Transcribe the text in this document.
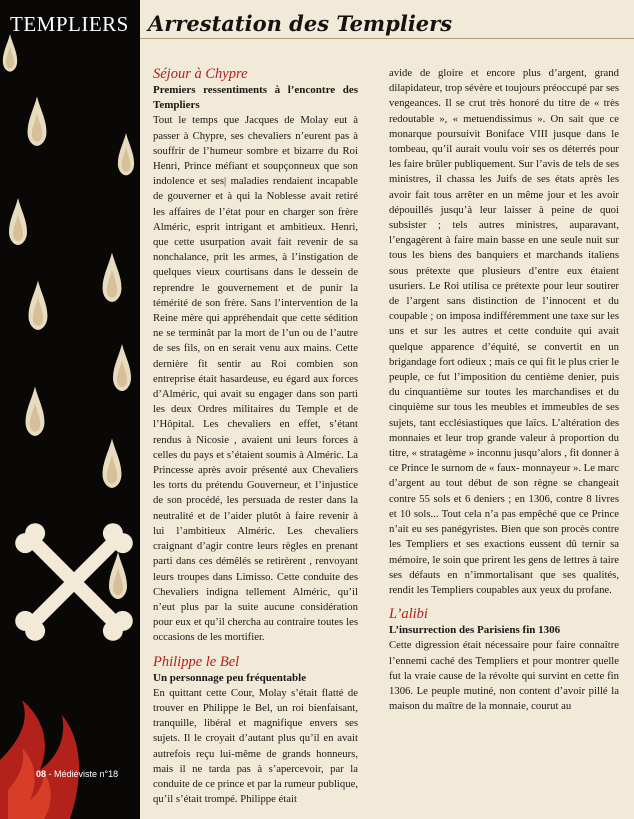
TEMPLIERS Arrestation des Templiers

Séjour à Chypre

Premiers ressentiments à l’encontre des Templiers

Tout le temps que Jacques de Molay eut à passer à Chypre, ses chevaliers n’eurent pas à souffrir de l’humeur sombre et bizarre du Roi Henri, Prince méfiant et soupçonneux que son indolence et ses| maladies rendaient incapable de gouverner et à qui la Noblesse avait retiré les affaires de l’état pour en charger son frère Alméric, esprit intrigant et ambitieux. Henri, que cette usurpation avait fait revenir de sa nonchalance, prit les armes, à l’instigation de quelques vieux courtisans dans le dessein de reprendre le gouvernement et de punir la témérité de son frère. Sans l’intervention de la Reine mère qui appréhendait que cette sédition ne se terminât par la mort de l’un ou de l’autre de ses fils, on en serait venu aux mains. Cette dernière fit sentir au Roi combien son entreprise était hasardeuse, eu égard aux forces d’Alméric, qui avait su engager dans son parti les deux Ordres militaires du Temple et de l’Hôpital. Les chevaliers en effet, s’étant rendus à Nicosie , avaient uni leurs forces à celles du pays et s’étaient soumis à Alméric. La Princesse après avoir présenté aux Chevaliers les torts du prétendu Gouverneur, et l’injustice de son procédé, les persuada de rester dans la neutralité et de l’aider plutôt à faire revenir à lui l’ambitieux Alméric. Les chevaliers craignant d’agir contre leurs règles en prenant parti dans ces démêlés se retirèrent , renvoyant leurs troupes dans Limisso. Cette conduite des Chevaliers indigna tellement Alméric, qu’il n’eut plus par la suite aucune considération pour eux et qu’il chercha au contraire toutes les occasions de les mortifier.

Philippe le Bel

Un personnage peu fréquentable

En quittant cette Cour, Molay s’était flatté de trouver en Philippe le Bel, un roi bienfaisant, tranquille, libéral et magnifique envers ses sujets. Il le croyait d’autant plus qu’il en avait autrefois reçu lui-même de grands honneurs, mais il ne tarda pas à s’apercevoir, par la conduite de ce prince et par la rumeur publique, qu’il s’était trompé. Philippe était

avide de gloire et encore plus d’argent, grand dilapidateur, trop sévère et toujours préoccupé par ses vengeances. Il se crut très honoré du titre de « très redoutable », « metuendissimus ». On sait que ce monarque poursuivit Boniface VIII jusque dans le tombeau, qu’il aurait voulu voir ses os déterrés pour les faire brûler publiquement. Sur l’avis de tels de ses ministres, il chassa les Juifs de ses états après les avoir fait tous arrêter en un même jour et les avoir dépouillés jusqu’à leur laisser à peine de quoi subsister ; tels autres ministres, auparavant, l’engagèrent à faire main basse en une seule nuit sur tous les biens des banquiers et marchands italiens sous prétexte que plusieurs d’entre eux étaient usuriers. Le Roi utilisa ce prétexte pour leur soutirer de l’argent sans distinction de l’innocent et du coupable ; on imposa indifféremment une taxe sur les uns et sur les autres et cette conduite qui avait quelque apparence d’équité, se convertit en un brigandage fort odieux ; mais ce qui fit le plus crier le peuple, ce fut l’imposition du centième denier, puis du cinquantième sur toutes les marchandises et du cinquième sur tous les meubles et immeubles de ses sujets, tant ecclésiastiques que laïcs. L’altération des monnaies et leur trop grande valeur à proportion du titre, « stratagème » inconnu jusqu’alors , fit donner à ce Prince le surnom de « faux- monnayeur ». Le marc d’argent au tout début de son règne se changeait contre 55 sols et 6 deniers ; en 1306, contre 8 livres et 10 sols... Tout cela n’a pas empêché que ce Prince n’ait eu ses panégyristes. Bien que son procès contre les Templiers et ses exactions eussent dû ternir sa mémoire, le soin que prirent les gens de lettres à taire ses défauts en n’immortalisant que ses qualités, rendit les Templiers coupables aux yeux du profane.

L’alibi

L’insurrection des Parisiens fin 1306

Cette digression était nécessaire pour faire connaître l’ennemi caché des Templiers et pour montrer quelle fut la vraie cause de la révolte qui survint en cette fin 1306. Le peuple mutiné, non content d’avoir pillé la maison du maître de la monnaie, courut au

08 - Médiéviste n°18
